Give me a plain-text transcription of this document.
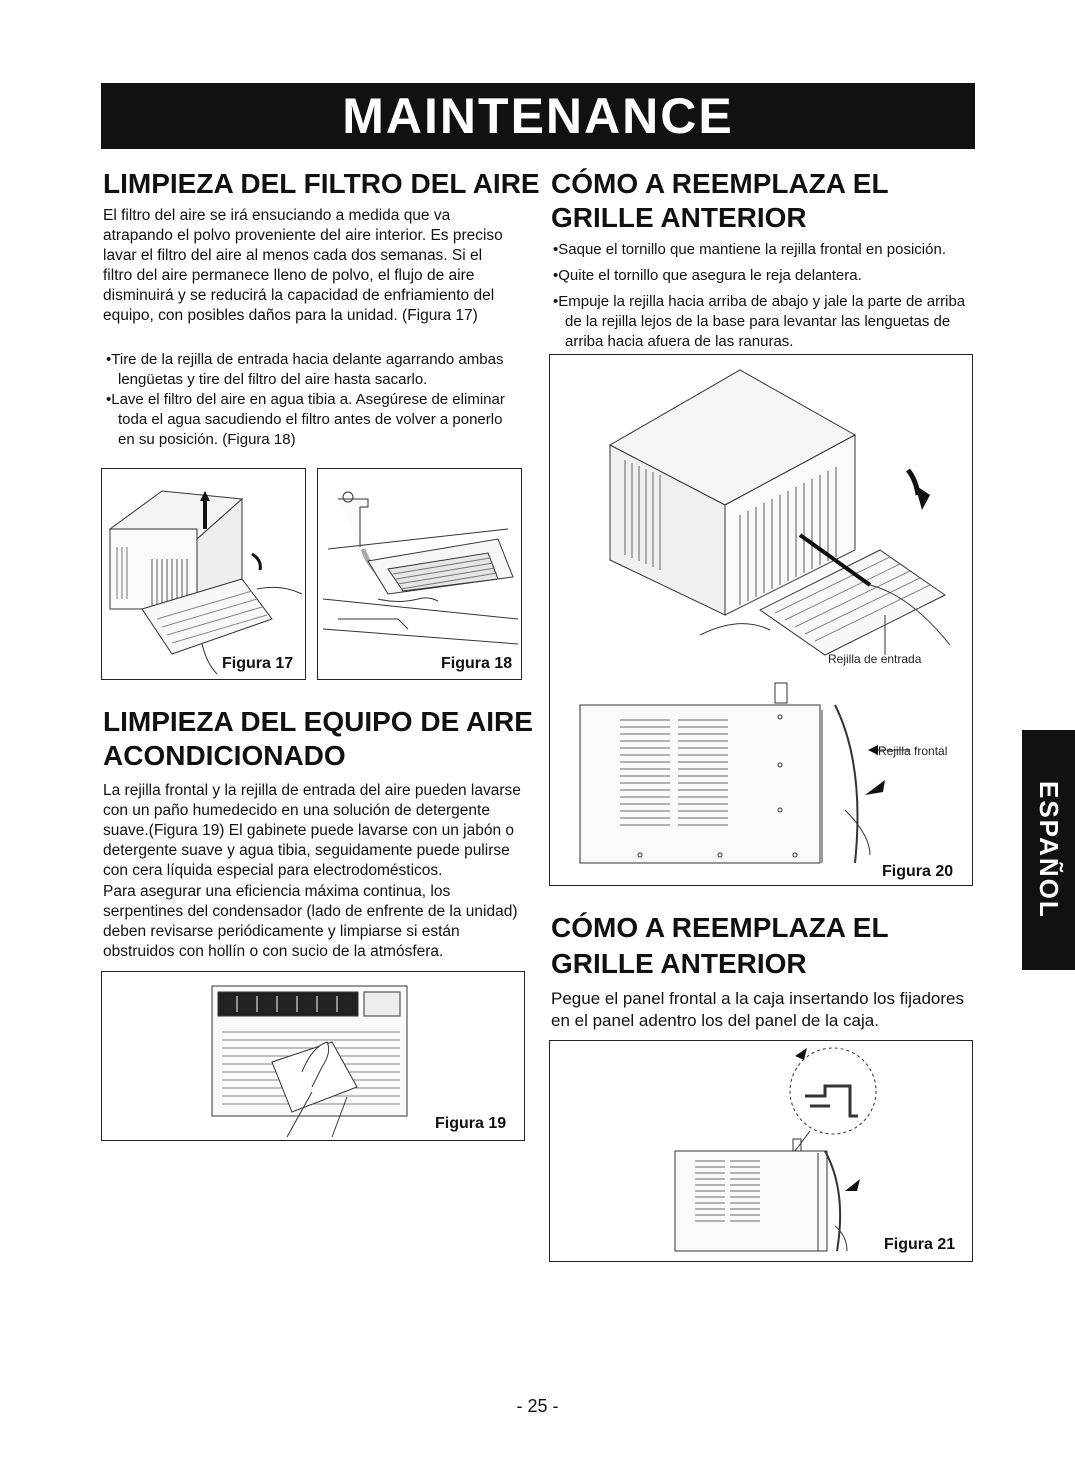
MAINTENANCE
LIMPIEZA DEL FILTRO DEL AIRE

El filtro del aire se irá ensuciando a medida que va atrapando el polvo proveniente del aire interior. Es preciso lavar el filtro del aire al menos cada dos semanas. Si el filtro del aire permanece lleno de polvo, el flujo de aire disminuirá y se reducirá la capacidad de enfriamiento del equipo, con posibles daños para la unidad. (Figura 17)

•Tire de la rejilla de entrada hacia delante agarrando ambas lengüetas y tire del filtro del aire hasta sacarlo.

•Lave el filtro del aire en agua tibia a. Asegúrese de eliminar toda el agua sacudiendo el filtro antes de volver a ponerlo en su posición. (Figura 18)

Figura 17	Figura 18
LIMPIEZA DEL EQUIPO DE AIRE
ACONDICIONADO

La rejilla frontal y la rejilla de entrada del aire pueden lavarse con un paño humedecido en una solución de detergente suave.(Figura 19) El gabinete puede lavarse con un jabón o detergente suave y agua tibia, seguidamente puede pulirse con cera líquida especial para electrodomésticos.

Para asegurar una eficiencia máxima continua, los serpentines del condensador (lado de enfrente de la unidad) deben revisarse periódicamente y limpiarse si están obstruidos con hollín o con sucio de la atmósfera.

Figura 19
CÓMO A REEMPLAZA EL
GRILLE ANTERIOR

•Saque el tornillo que mantiene la rejilla frontal en posición.

•Quite el tornillo que asegura le reja delantera.

•Empuje la rejilla hacia arriba de abajo y jale la parte de arriba de la rejilla lejos de la base para levantar las lenguetas de arriba hacia afuera de las ranuras.

Rejilla de entrada
Rejilla frontal
Figura 20
CÓMO A REEMPLAZA EL
GRILLE ANTERIOR

Pegue el panel frontal a la caja insertando los fijadores en el panel adentro los del panel de la caja.

Figura 21
ESPAÑOL
- 25 -
